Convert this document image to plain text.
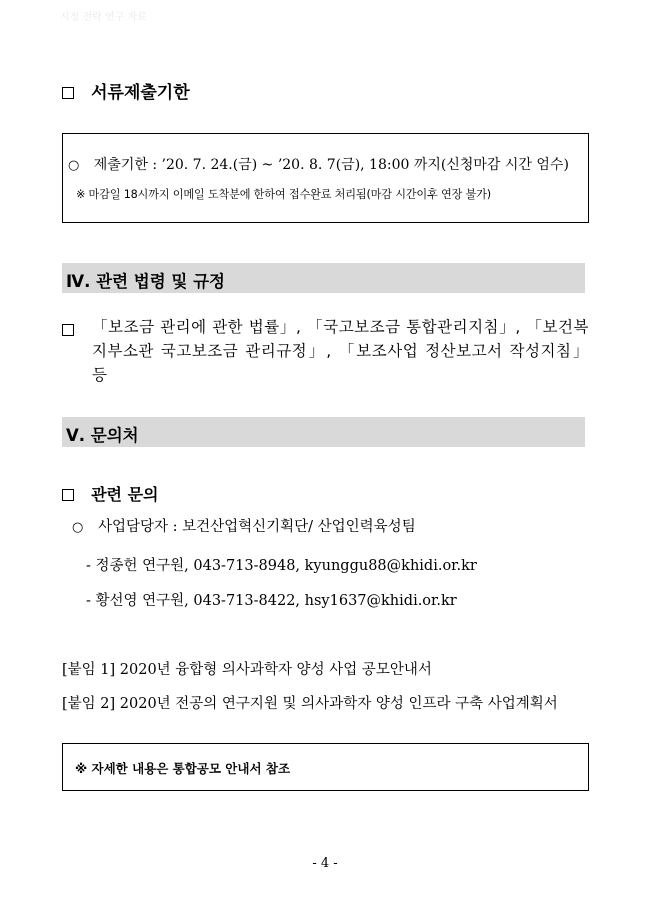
시정 전략 연구 자료
서류제출기한
○ 제출기한 : ’20. 7. 24.(금) ~ ’20. 8. 7(금), 18:00 까지(신청마감 시간 엄수)
※ 마감일 18시까지 이메일 도착분에 한하여 접수완료 처리됨(마감 시간이후 연장 불가)
Ⅳ. 관련 법령 및 규정
「보조금 관리에 관한 법률」, 「국고보조금 통합관리지침」, 「보건복지부소관 국고보조금 관리규정」, 「보조사업 정산보고서 작성지침」 등
Ⅴ. 문의처
관련 문의
○ 사업담당자 : 보건산업혁신기획단/ 산업인력육성팀
- 정종헌 연구원, 043-713-8948, kyunggu88@khidi.or.kr
- 황선영 연구원, 043-713-8422, hsy1637@khidi.or.kr
[붙임 1] 2020년 융합형 의사과학자 양성 사업 공모안내서
[붙임 2] 2020년 전공의 연구지원 및 의사과학자 양성 인프라 구축 사업계획서
※ 자세한 내용은 통합공모 안내서 참조
- 4 -
